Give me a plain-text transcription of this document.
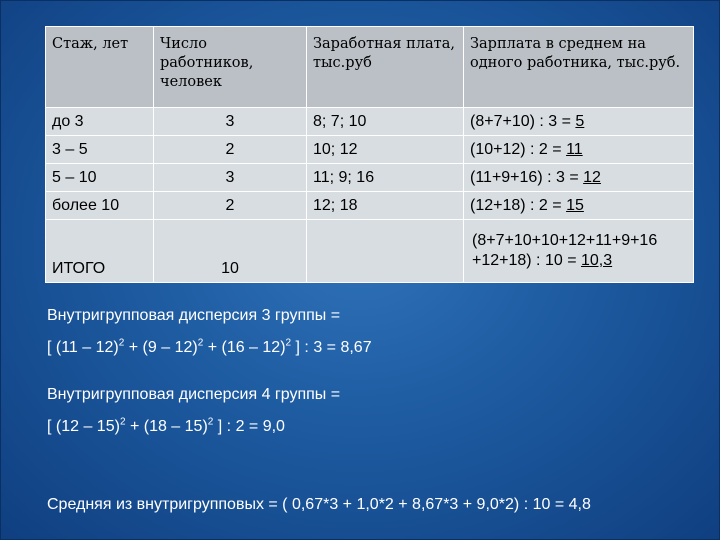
Стаж, лет	Число работников, человек	Заработная плата, тыс.руб	Зарплата в среднем на одного работника, тыс.руб.
до 3	3	8; 7; 10	(8+7+10) : 3 = 5
3 – 5	2	10; 12	(10+12) : 2 = 11
5 – 10	3	11; 9; 16	(11+9+16) : 3 = 12
более 10	2	12; 18	(12+18) : 2 = 15
ИТОГО	10		(8+7+10+10+12+11+9+16
+12+18) : 10 = 10,3
Внутригрупповая дисперсия 3 группы =
[ (11 – 12)$^2$ + (9 – 12)$^2$ + (16 – 12)$^2$ ] : 3 = 8,67
Внутригрупповая дисперсия 4 группы =
[ (12 – 15)$^2$ + (18 – 15)$^2$ ] : 2 = 9,0
Средняя из внутригрупповых = ( 0,67*3 + 1,0*2 + 8,67*3 + 9,0*2) : 10 = 4,8
